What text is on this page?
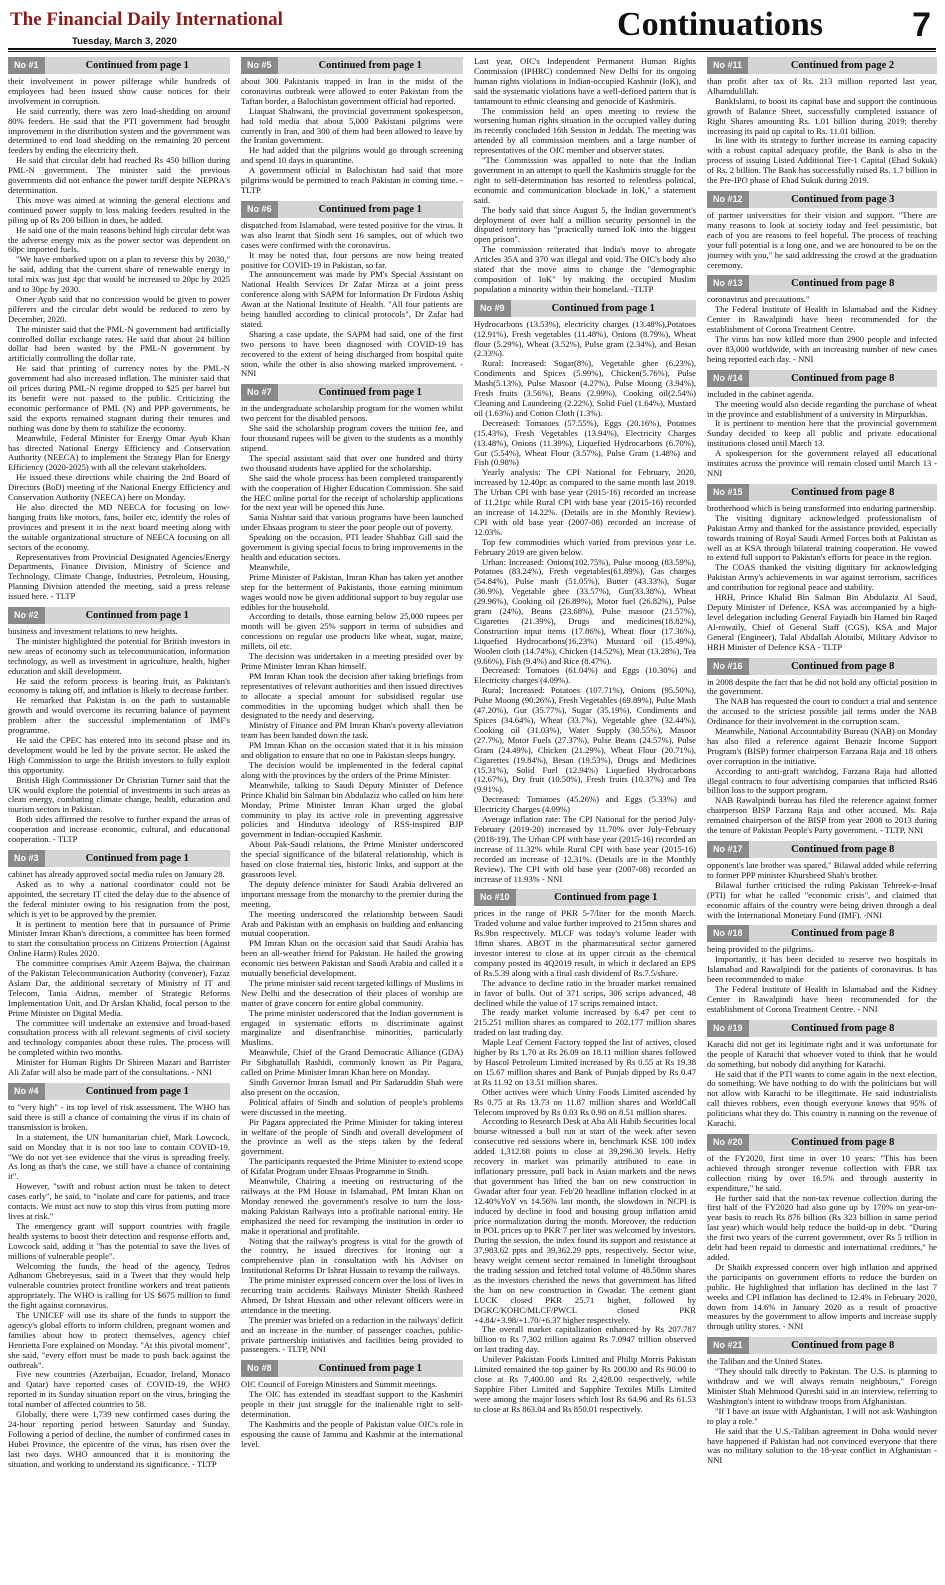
The Financial Daily International
Tuesday, March 3, 2020	Continuations	7
No #1	Continued from page 1

their involvement in power pilferage while hundreds of employees had been issued show cause notices for their involvement in corruption.

He said currently, there was zero load-shedding on around 80% feeders. He said that the PTI government had brought improvement in the distribution system and the government was determined to end load shedding on the remaining 20 percent feeders by ending the electricity theft.

He said that circular debt had reached Rs 450 billion during PML-N government. The minister said the previous governments did not enhance the power tariff despite NEPRA's determination.

This move was aimed at winning the general elections and continued power supply to loss making feeders resulted in the piling up of Rs 200 billion in dues, he added.

He said one of the main reasons behind high circular debt was the adverse energy mix as the power sector was dependent on 60pc imported fuels.

"We have embarked upon on a plan to reverse this by 2030," he said, adding that the current share of renewable energy in total mix was just 4pc that would be increased to 20pc by 2025 and to 30pc by 2030.

Omer Ayub said that no concession would be given to power pilferers and the circular debt would be reduced to zero by December, 2020.

The minister said that the PML-N government had artificially controlled dollar exchange rates. He said that about 24 billion dollar had been wasted by the PML-N government by artificially controlling the dollar rate.

He said that printing of currency notes by the PML-N government had also increased inflation. The minister said that oil prices during PML-N regime dropped to $25 per barrel but its benefit were not passed to the public. Criticizing the economic performance of PML (N) and PPP governments, he said the exports remained stagnant during their tenures and nothing was done by them to stabilize the economy.

Meanwhile, Federal Minister for Energy Omar Ayub Khan has directed National Energy Efficiency and Conservation Authority (NEECA) to implement the Strategy Plan for Energy Efficiency (2020-2025) with all the relevant stakeholders.

He issued these directions while chairing the 2nd Board of Directors (BoD) meeting of the National Energy Efficiency and Conservation Authority (NEECA) here on Monday.

He also directed the MD NEECA for focusing on low-hanging fruits like motors, fans, boiler etc, identify the roles of provinces and present it in the next board meeting along with the suitable organizational structure of NEECA focusing on all sectors of the economy.

Representatives from Provincial Designated Agencies/Energy Departments, Finance Division, Ministry of Science and Technology, Climate Change, Industries, Petroleum, Housing, Planning Division attended the meeting, said a press release issued here. - TLTP

No #2	Continued from page 1

business and investment relations to new heights.

The minister highlighted the potential for British investors in new areas of economy such as telecommunication, information technology, as well as investment in agriculture, health, higher education and skill development.

He said the reform process is bearing fruit, as Pakistan's economy is taking off, and inflation is likely to decrease further.

He remarked that Pakistan is on the path to sustainable growth and would overcome its recurring balance of payment problem after the successful implementation of IMF's programme.

He said the CPEC has entered into its second phase and its development would be led by the private sector. He asked the High Commission to urge the British investors to fully exploit this opportunity.

British High Commissioner Dr Christian Turner said that the UK would explore the potential of investments in such areas as clean energy, combating climate change, health, education and tourism sectors in Pakistan.

Both sides affirmed the resolve to further expand the areas of cooperation and increase economic, cultural, and educational cooperation. - TLTP

No #3	Continued from page 1

cabinet has already approved social media rules on January 28.

Asked as to why a national coordinator could not be appointed, the secretary IT cited the delay due to the absence of the federal minister owing to his resignation from the post, which is yet to be approved by the premier.

It is pertinent to mention here that in pursuance of Prime Minister Imran Khan's directions, a committee has been formed to start the consultation process on Citizens Protection (Against Online Harm) Rules 2020.

The committee comprises Amir Azeem Bajwa, the chairman of the Pakistan Telecommunication Authority (convener), Fazaz Aslam Dar, the additional secretary of Ministry of IT and Telecom, Tania Aidrus, member of Strategic Reforms Implementation Unit, and Dr Arslan Khalid, focal person to the Prime Minister on Digital Media.

The committee will undertake an extensive and broad-based consultation process with all relevant segments of civil society and technology companies about these rules. The process will be completed within two months.

Minister for Human Rights Dr Shireen Mazari and Barrister Ali Zafar will also be made part of the consultations. - NNI

No #4	Continued from page 1

to "very high" - its top level of risk assessment. The WHO has said there is still a chance of containing the virus if its chain of transmission is broken.

In a statement, the UN humanitarian chief, Mark Lowcock, said on Monday that it is not too late to contain COVID-19. "We do not yet see evidence that the virus is spreading freely. As long as that's the case, we still have a chance of containing it".

However, "swift and robust action must be taken to detect cases early", he said, to "isolate and care for patients, and trace contacts. We must act now to stop this virus from putting more lives at risk."

The emergency grant will support countries with fragile health systems to boost their detection and response efforts and, Lowcock said, adding it "has the potential to save the lives of millions of vulnerable people".

Welcoming the funds, the head of the agency, Tedros Adhanom Ghebreyesus, said in a Tweet that they would help vulnerable countries protect frontline workers and treat patients appropriately. The WHO is calling for US $675 million to fund the fight against coronavirus.

The UNICEF will use its share of the funds to support the agency's global efforts to inform children, pregnant women and families about how to protect themselves, agency chief Henrietta Fore explained on Monday. "At this pivotal moment", she said, "every effort must be made to push back against the outbreak".

Five new countries (Azerbaijan, Ecuador, Ireland, Monaco and Qatar) have reported cases of COVID-19, the WHO reported in its Sunday situation report on the virus, bringing the total number of affected countries to 58.

Globally, there were 1,739 new confirmed cases during the 24-hour reporting period between Saturday and Sunday. Following a period of decline, the number of confirmed cases in Hubei Province, the epicentre of the virus, has risen over the last two days. WHO announced that it is monitoring the situation, and working to understand its significance. - TLTP

No #5	Continued from page 1

about 300 Pakistanis trapped in Iran in the midst of the coronavirus outbreak were allowed to enter Pakistan from the Taftan border, a Balochistan government official had reported.

Liaquat Shahwani, the provincial government spokesperson, had told media that about 5,000 Pakistani pilgrims were currently in Iran, and 300 of them had been allowed to leave by the Iranian government.

He had added that the pilgrims would go through screening and spend 10 days in quarantine.

A government official in Balochistan had said that more pilgrims would be permitted to reach Pakistan in coming time. - TLTP

No #6	Continued from page 1

dispatched from Islamabad, were tested positive for the virus. It was also learnt that Sindh sent 16 samples, out of which two cases were confirmed with the coronavirus.

It may be noted that, four persons are now being treated positive for COVID-19 in Pakistan, so far.

The announcement was made by PM's Special Assistant on National Health Services Dr Zafar Mirza at a joint press conference along with SAPM for Information Dr Firdous Ashiq Awan at the National Institute of Health. "All four patients are being handled according to clinical protocols", Dr Zafar had stated.

Sharing a case update, the SAPM had said, one of the first two persons to have been diagnosed with COVID-19 has recovered to the extent of being discharged from hospital quite soon, while the other is also showing marked improvement. - NNI

No #7	Continued from page 1

in the undergraduate scholarship program for the women whilst two percent for the disabled persons.

She said the scholarship program covers the tuition fee, and four thousand rupees will be given to the students as a monthly stipend.

The special assistant said that over one hundred and thirty two thousand students have applied for the scholarship.

She said the whole process has been completed transparently with the cooperation of Higher Education Commission. She said the HEC online portal for the receipt of scholarship applications for the next year will be opened this June.

Sania Nishtar said that various programs have been launched under Ehsaas program to steer the poor people out of poverty.

Speaking on the occasion, PTI leader Shahbaz Gill said the government is giving special focus to bring improvements in the health and education sectors.

Meanwhile,

Prime Minister of Pakistan, Imran Khan has taken yet another step for the betterment of Pakistanis, those earning minimum wages would now be given additional support to buy regular use edibles for the household.

According to details, those earning below 25,000 rupees per month will be given 25% support in terms of subsidies and concessions on regular use products like wheat, sugar, maize, millets, oil etc.

The decision was undertaken in a meeting presided over by Prime Minister Imran Khan himself.

PM Imran Khan took the decision after taking briefings from representatives of relevant authorities and then issued directives to allocate a special amount for subsidised regular use commodities in the upcoming budget which shall then be designated to the needy and deserving.

Ministry of Finance and PM Imran Khan's poverty alleviation team has been handed down the task.

PM Imran Khan on the occasion stated that it is his mission and obligation to ensure that no one in Pakistan sleeps hungry.

The decision would be implemented in the federal capital along with the provinces by the orders of the Prime Minister.

Meanwhile, talking to Saudi Deputy Minister of Defence Prince Khalid bin Salman bin Abdulaziz who called on him here Monday, Prime Minister Imran Khan urged the global community to play its active role in preventing aggressive policies and Hindutva ideology of RSS-inspired BJP government in Indian-occupied Kashmir.

About Pak-Saudi relations, the Prime Minister underscored the special significance of the bilateral relationship, which is based on close fraternal ties, historic links, and support at the grassroots level.

The deputy defence minister for Saudi Arabia delivered an important message from the monarchy to the premier during the meeting.

The meeting underscored the relationship between Saudi Arab and Pakistan with an emphasis on building and enhancing mutual cooperation.

PM Imran Khan on the occasion said that Saudi Arabia has been an all-weather friend for Pakistan. He hailed the growing economic ties between Pakistan and Saudi Arabia and called it a mutually beneficial development.

The prime minister said recent targeted killings of Muslims in New Delhi and the desecration of their places of worship are matter of grave concern for entire global community.

The prime minister underscored that the Indian government is engaged in systematic efforts to discriminate against marginalize and disenfranchise minorities, particularly Muslims.

Meanwhile, Chief of the Grand Democratic Alliance (GDA) Pir Sibghatullah Rashidi, commonly known as Pir Pagara, called on Prime Minister Imran Khan here on Monday.

Sindh Governor Imran Ismail and Pir Sadaruddin Shah were also present on the occasion.

Political affairs of Sindh and solution of people's problems were discussed in the meeting.

Pir Pagara appreciated the Prime Minister for taking interest in welfare of the people of Sindh and overall development of the province as well as the steps taken by the federal government.

The participants requested the Prime Minister to extend scope of Kifalat Program under Ehsaas Programme in Sindh.

Meanwhile, Chairing a meeting on restructuring of the railways at the PM House in Islamabad, PM Imran Khan on Monday renewed the government's resolve to turn the loss-making Pakistan Railways into a profitable national entity. He emphasized the need for revamping the institution in order to make it operational and profitable.

Noting that the railway's progress is vital for the growth of the country, he issued directives for ironing out a comprehensive plan in consultation with his Adviser on Institutional Reforms Dr Ishrat Hussain to revamp the railways.

The prime minister expressed concern over the loss of lives in recurring train accidents. Railways Minister Sheikh Rasheed Ahmed, Dr Ishrat Hussain and other relevant officers were in attendance in the meeting.

The premier was briefed on a reduction in the railways' deficit and an increase in the number of passenger coaches, public-private partnership initiatives and facilities being provided to passengers. - TLTP, NNI

No #8	Continued from page 1

OIC Council of Foreign Ministers and Summit meetings.

The OIC has extended its steadfast support to the Kashmiri people in their just struggle for the inalienable right to self-determination.

The Kashmiris and the people of Pakistan value OIC's role in espousing the cause of Jammu and Kashmir at the international level.

Last year, OIC's Independent Permanent Human Rights Commission (IPHRC) condemned New Delhi for its ongoing human rights violations in Indian-occupied Kashmir (IoK), and said the systematic violations have a well-defined pattern that is tantamount to ethnic cleansing and genocide of Kashmiris.

The commission held an open meeting to review the worsening human rights situation in the occupied valley during its recently concluded 16th Session in Jeddah. The meeting was attended by all commission members and a large number of representatives of the OIC member and observer states.

"The Commission was appalled to note that the Indian government in an attempt to quell the Kashmiris struggle for the right to self-determination has resorted to relentless political, economic and communication blockade in IoK," a statement said.

The body said that since August 5, the Indian government's deployment of over half a million security personnel in the disputed territory has "practically turned IoK into the biggest open prison".

The commission reiterated that India's move to abrogate Articles 35A and 370 was illegal and void. The OIC's body also stated that the move aims to change the "demographic composition of IoK" by making the occupied Muslim population a minority within their homeland. -TLTP

No #9	Continued from page 1

Hydrocarbons (13.53%), electricity charges (13.48%),Potatoes (12.91%), Fresh vegetables (11.48%), Onions (8.79%), Wheat flour (5.29%), Wheat (3.52%), Pulse gram (2.34%), and Besan (2.33%).

Rural: Increased: Sugar(8%), Vegetable ghee (6.23%), Condiments and Spices (5.99%), Chicken(5.76%), Pulse Mash(5.13%), Pulse Masoor (4.27%), Pulse Moong (3.94%), Fresh fruits (3.56%), Beans (2.99%), Cooking oil(2.54%) Cleaning and Laundering (2.22%), Solid Fuel (1.64%), Mustard oil (1.63%) and Cotton Cloth (1.3%).

Decreased: Tomatoes (57.55%), Eggs (20.16%), Potatoes (15.43%), Fresh Vegetables (13.94%), Electricity Charges (13.48%), Onions (11.39%), Liquefied Hydrocarbons (6.70%), Gur (5.54%), Wheat Flour (3.57%), Pulse Gram (1.48%) and Fish (0.98%)

Yearly analysis: The CPI National for February, 2020, increased by 12.40pc as compared to the same month last 2019. The Urban CPI with base year (2015-16) recorded an increase of 11.21pc while Rural CPI with base year (2015-16) recorded an increase of 14.22%. (Details are in the Monthly Review). CPI with old base year (2007-08) recorded an increase of 12.03%.

Top few commodities which varied from previous year i.e. February 2019 are given below.

Urban: Increased: Onions(102.75%), Pulse moong (83.59%), Potatoes (83.24%), Fresh vegetables(61.89%), Gas charges (54.84%), Pulse mash (51.05%), Butter (43.33%), Sugar (36.9%), Vegetable ghee (33.57%), Gur(33.38%), Wheat (29.96%), Cooking oil (26.89%), Motor fuel (26.82%), Pulse gram (24%), Beans (23.68%), Pulse masoor (21.57%), Cigarettes (21.39%), Drugs and medicines(18.82%), Construction input items (17.86%), Wheat flour (17.36%), Liquefied Hydrocarbons(16.23%) Mustard oil (15.49%), Woolen cloth (14.74%), Chicken (14.52%), Meat (13.28%), Tea (9.66%), Fish (9.4%) and Rice (8.47%).

Decreased: Tomatoes (61.04%) and Eggs (10.30%) and Electricity charges (4.09%).

Rural: Increased: Potatoes (107.71%), Onions (95.50%), Pulse Moong (90.26%), Fresh Vegetables (69.89%), Pulse Mash (47.20%), Gur (35.77%), Sugar (35.19%), Condiments and Spices (34.64%), Wheat (33.7%), Vegetable ghee (32.44%), Cooking oil (31.03%), Water Supply (30.55%), Masoor (27.7%), Motor Fuels (27.37%), Pulse Beans (24.57%), Pulse Gram (24.49%), Chicken (21.29%), Wheat Flour (20.71%), Cigarettes (19.84%), Besan (19.53%), Drugs and Medicines (15.31%), Solid Fuel (12.94%) Liquefied Hydrocarbons (12.67%), Dry fruit (10.50%), Fresh fruits (10.37%) and Tea (9.91%).

Decreased: Tomatoes (45.26%) and Eggs (5.33%) and Electricity Charges (4.09%)

Average inflation rate: The CPI National for the period July-February (2019-20) increased by 11.70% over July-February (2018-19). The Urban CPI with base year (2015-16) recorded an increase of 11.32% while Rural CPI with base year (2015-16) recorded an increase of 12.31%. (Details are in the Monthly Review). The CPI with old base year (2007-08) recorded an increase of 11.93% - NNI

No #10	Continued from page 1

prices in the range of PKR 5-7/liter for the month March. Traded volume and value further improved to 215mn shares and Rs.9bn respectively. MLCF was today's volume leader with 18mn shares. ABOT in the pharmaceutical sector garnered investor interest to close at its upper circuit as the chemical company posted its 4Q2019 result, in which it declared an EPS of Rs.5.39 along with a final cash dividend of Rs.7.5/share.

The advance to decline ratio in the broader market remained in favor of bulls. Out of 371 scrips, 306 scrips advanced, 48 declined while the value of 17 scrips remained intact.

The ready market volume increased by 6.47 per cent to 215.251 million shares as compared to 202.177 million shares traded on last trading day.

Maple Leaf Cement Factory topped the list of actives, closed higher by Rs 1.70 at Rs 26.09 on 18.11 million shares followed by Hascol Petroleum Limited increased by Rs 0.55 at Rs 19.38 on 15.67 million shares and Bank of Punjab dipped by Rs 0.47 at Rs 11.92 on 13.51 million shares.

Other actives were which Unity Foods Limited ascended by Rs 0.75 at Rs 13.73 on 11.87 million shares and WorldCall Telecom improved by Rs 0.03 Rs 0.98 on 8.51 million shares.

According to Research Desk at Aba Ali Habib Securities local bourse witnessed a bull run at start of the week after seven consecutive red sessions where in, benchmark KSE 100 index added 1,312.68 points to close at 39,296.30 levels. Hefty recovery in market was primarily attributed to ease in inflationary pressure, pull back in Asian markets and the news that government has lifted the ban on new construction in Gwadar after four year. Feb'20 headline inflation clocked in at 12.40%YoY vs 14.56% last month, the slowdown in NCPI is induced by decline in food and housing group inflation amid price normalization during the month. Moreover, the reduction in POL prices up to PKR 7 per liter was welcomed by investors. During the session, the index found its support and resistance at 37,983.62 ppts and 39,362.29 ppts, respectively. Sector wise, heavy weight cement sector remained in limelight throughout the trading session and fetched total volume of 48.50mn shares as the investors cherished the news that government has lifted the ban on new construction in Gwadar. The cement giant LUCK closed PKR 25.71 higher, followed by DGKC/KOHC/MLCF/PWCL closed PKR +4.84/+3.98/+1.70/+6.37 higher respectively.

The overall market capitalization enhanced by Rs 207.787 billion to Rs 7,302 trillion against Rs 7.0947 trillion observed on last trading day.

Unilever Pakistan Foods Limited and Philip Morris Pakistan Limited remained the top gainer by Rs 200.00 and Rs 90.00 to close at Rs 7,400.00 and Rs 2,428.00 respectively, while Sapphire Fiber Limited and Sapphire Textiles Mills Limited were among the major losers which lost Rs 64.96 and Rs 61.53 to close at Rs 863.04 and Rs 850.01 respectively.

No #11	Continued from page 2

than profit after tax of Rs. 213 million reported last year, Alhamdulillah.

BankIslami, to boost its capital base and support the continuous growth of Balance Sheet, successfully completed issuance of Right Shares amounting Rs. 1.01 billion during 2019; thereby increasing its paid up capital to Rs. 11.01 billion.

In line with its strategy to further increase its earning capacity with a robust capital adequacy profile, the Bank is also in the process of issuing Listed Additional Tier-1 Capital (Ehad Sukuk) of Rs. 2 billion. The Bank has successfully raised Rs. 1.7 billion in the Pre-IPO phase of Ehad Sukuk during 2019.

No #12	Continued from page 3

of partner universities for their vision and support. "There are many reasons to look at society today and feel pessimistic, but each of you are reasons to feel hopeful. The process of reaching your full potential is a long one, and we are honoured to be on the journey with you," he said addressing the crowd at the graduation ceremony.

No #13	Continued from page 8

coronavirus and precautions."

The Federal Institute of Health in Islamabad and the Kidney Center in Rawalpindi have been recommended for the establishment of Corona Treatment Centre.

The virus has now killed more than 2900 people and infected over 83,000 worldwide, with an increasing number of new cases being reported each day. - NNI

No #14	Continued from page 8

included in the cabinet agenda.

The meeting would also decide regarding the purchase of wheat in the province and establishment of a university in Mirpurkhas.

It is pertinent to mention here that the provincial government Sunday decided to keep all public and private educational institutions closed until March 13.

A spokesperson for the government relayed all educational institutes across the province will remain closed until March 13 - NNI

No #15	Continued from page 8

brotherhood which is being transformed into enduring partnership.

The visiting dignitary acknowledged professionalism of Pakistan Army and thanked for the assistance provided, especially towards training of Royal Saudi Armed Forces both at Pakistan as well as at KSA through bilateral training cooperation. He vowed to extend full support to Pakistan's efforts for peace in the region.

The COAS thanked the visiting dignitary for acknowledging Pakistan Army's achievements in war against terrorism, sacrifices and contribution for regional peace and stability.

HRH, Prince Khalid Bin Salman Bin Abdulaziz Al Saud, Deputy Minister of Defence, KSA was accompanied by a high-level delegation including General Fayiadh bin Hamed bin Raqed Al-rowaily, Chief of General Staff (CGS), KSA and Major General (Engineer), Talal Abdallah Alotaibi, Military Advisor to HRH Minister of Defence KSA - TLTP

No #16	Continued from page 8

in 2008 despite the fact that he did not hold any official position in the government.

The NAB has requested the court to conduct a trial and sentence the accused to the strictest possible jail terms under the NAB Ordinance for their involvement in the corruption scam.

Meanwhile, National Accountability Bureau (NAB) on Monday has also filed a reference against Benazir Income Support Program's (BISP) former chairperson Farzana Raja and 18 others over corruption in the initiative.

According to anti-graft watchdog, Farzana Raja had allotted illegal contracts to four advertising companies that inflicted Rs46 billion loss to the support program.

NAB Rawalpindi bureau has filed the reference against former chairperson BISP Farzana Raja and other accused. Ms. Raja remained chairperson of the BISP from year 2008 to 2013 during the tenure of Pakistan People's Party government. - TLTP, NNI

No #17	Continued from page 8

opponent's late brother was spared," Bilawal added while referring to former PPP minister Khursheed Shah's brother.

Bilawal further criticised the ruling Pakistan Tehreek-e-Insaf (PTI) for what he called "economic crisis", and claimed that economic affairs of the country were being driven through a deal with the International Monetary Fund (IMF). -NNI

No #18	Continued from page 8

being provided to the pilgrims.

Importantly, it has been decided to reserve two hospitals in Islamabad and Rawalpindi for the patients of coronavirus. It has been recommended to make

The Federal Institute of Health in Islamabad and the Kidney Center in Rawalpindi have been recommended for the establishment of Corona Treatment Centre. - NNI

No #19	Continued from page 8

Karachi did not get its legitimate right and it was unfortunate for the people of Karachi that whoever voted to think that he would do something, but nobody did anything for Karachi.

He said that if the PTI wants to come again in the next election, do something. We have nothing to do with the politicians but will not allow with Karachi to be illegitimate. He said industrialists call thieves robbers, even though everyone knows that 95% of politicians what they do. This country is running on the revenue of Karachi.

No #20	Continued from page 8

of the FY2020, first time in over 10 years: "This has been achieved through stronger revenue collection with FBR tax collection rising by over 16.5% and through austerity in expenditure," he said.

He further said that the non-tax revenue collection during the first half of the FY2020 had also gone up by 170% on year-on-year basis to reach Rs 876 billion (Rs 323 billion in same period last year) which would help reduce the build-up in debt. "During the first two years of the current government, over Rs 5 trillion in debt had been repaid to domestic and international creditors," he added.

Dr Shaikh expressed concern over high inflation and apprised the participants on government efforts to reduce the burden on public. He highlighted that inflation has declined in the last 7 weeks and CPI inflation has declined to 12.4% in February 2020, down from 14.6% in January 2020 as a result of proactive measures by the government to allow imports and increase supply through utility stores. - NNI

No #21	Continued from page 8

the Taliban and the United States.

"They should talk directly to Pakistan. The U.S. is planning to withdraw and we will always remain neighbours," Foreign Minister Shah Mehmood Qureshi said in an interview, referring to Washington's intent to withdraw troops from Afghanistan.

"If I have an issue with Afghanistan, I will not ask Washington to play a role."

He said that the U.S.-Taliban agreement in Doha would never have happened if Pakistan had not convinced everyone that there was no military solution to the 18-year conflict in Afghanistan - NNI
